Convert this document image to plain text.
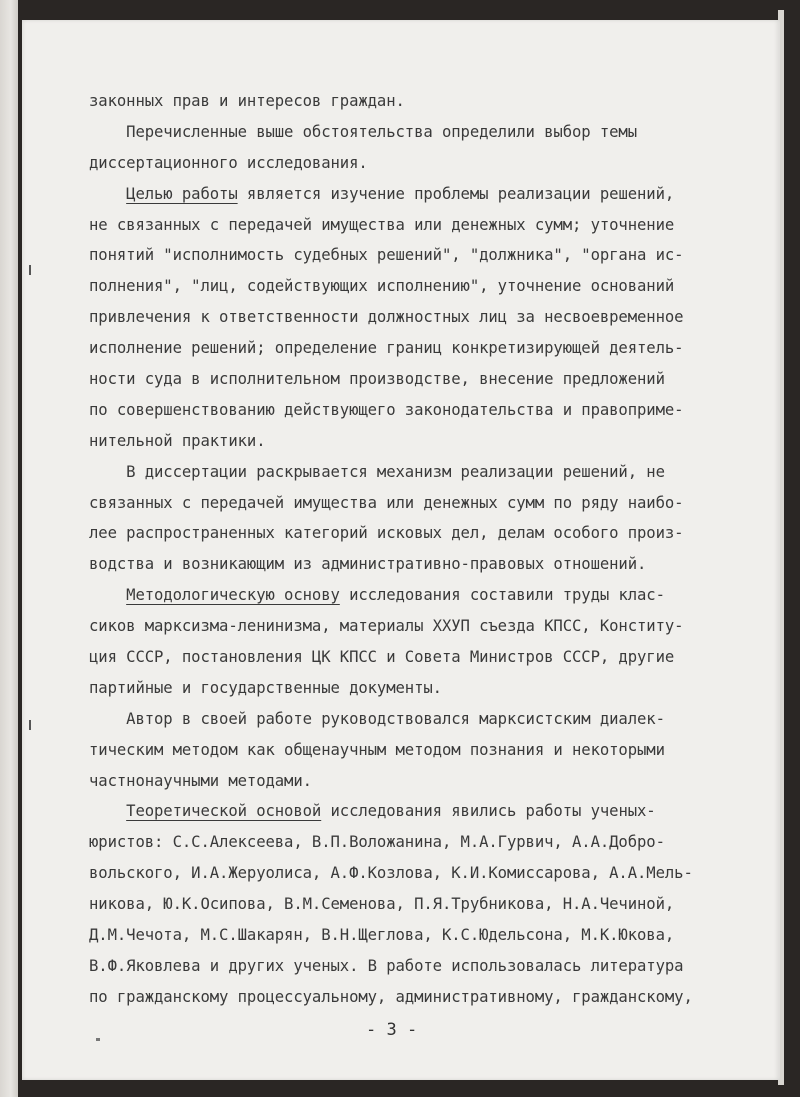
законных прав и интересов граждан.
Перечисленные выше обстоятельства определили выбор темы
диссертационного исследования.
Целью работы является изучение проблемы реализации решений,
не связанных с передачей имущества или денежных сумм; уточнение
понятий "исполнимость судебных решений", "должника", "органа ис-
полнения", "лиц, содействующих исполнению", уточнение оснований
привлечения к ответственности должностных лиц за несвоевременное
исполнение решений; определение границ конкретизирующей деятель-
ности суда в исполнительном производстве, внесение предложений
по совершенствованию действующего законодательства и правоприме-
нительной практики.
В диссертации раскрывается механизм реализации решений, не
связанных с передачей имущества или денежных сумм по ряду наибо-
лее распространенных категорий исковых дел, делам особого произ-
водства и возникающим из административно-правовых отношений.
Методологическую основу исследования составили труды клас-
сиков марксизма-ленинизма, материалы ХХУП съезда КПСС, Конститу-
ция СССР, постановления ЦК КПСС и Совета Министров СССР, другие
партийные и государственные документы.
Автор в своей работе руководствовался марксистским диалек-
тическим методом как общенаучным методом познания и некоторыми
частнонаучными методами.
Теоретической основой исследования явились работы ученых-
юристов: С.С.Алексеева, В.П.Воложанина, М.А.Гурвич, А.А.Добро-
вольского, И.А.Жеруолиса, А.Ф.Козлова, К.И.Комиссарова, А.А.Мель-
никова, Ю.К.Осипова, В.М.Семенова, П.Я.Трубникова, Н.А.Чечиной,
Д.М.Чечота, М.С.Шакарян, В.Н.Щеглова, К.С.Юдельсона, М.К.Юкова,
В.Ф.Яковлева и других ученых. В работе использовалась литература
по гражданскому процессуальному, административному, гражданскому,
- 3 -
